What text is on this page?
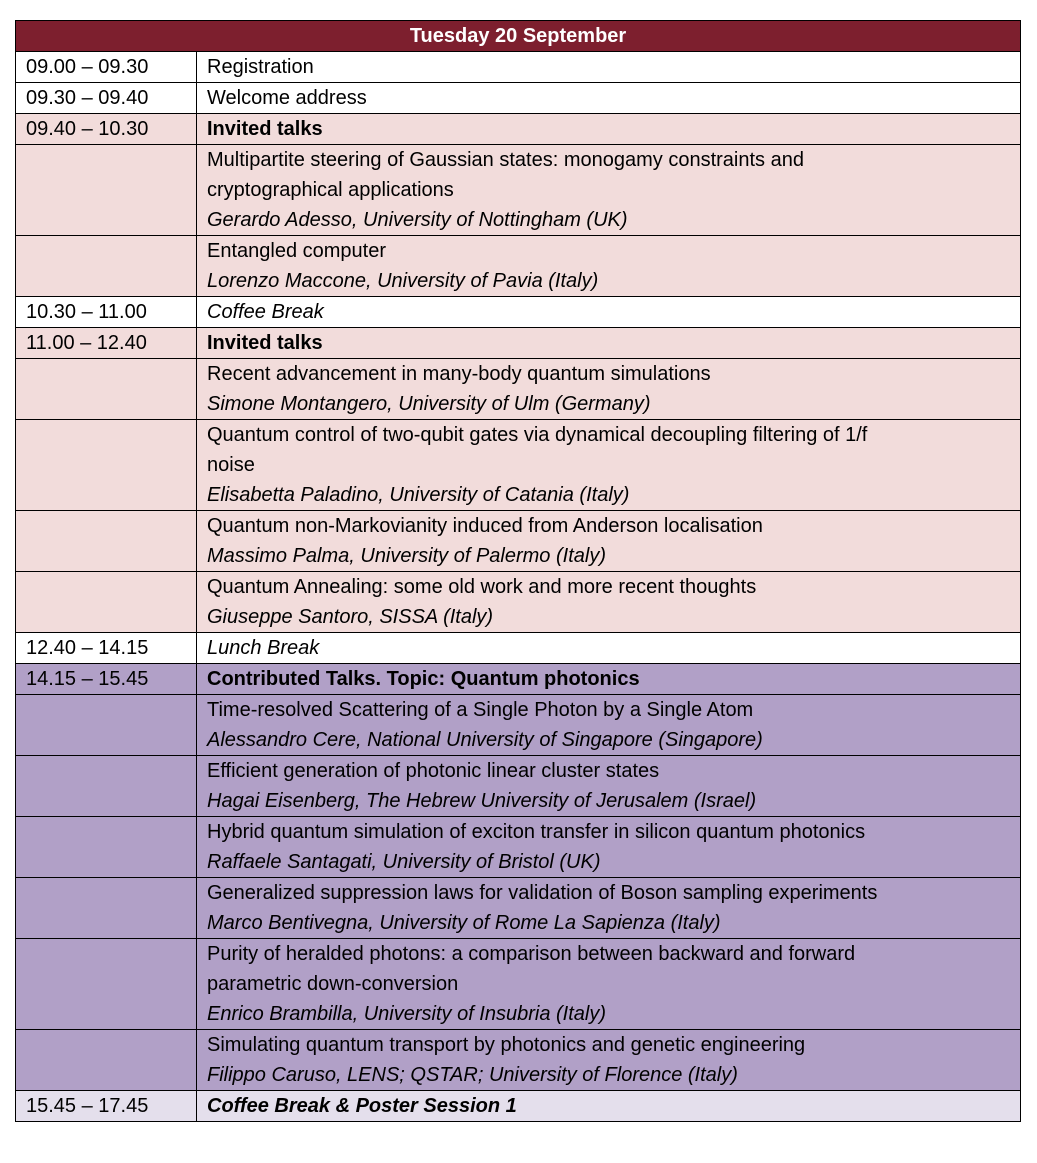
Tuesday 20 September	
09.00 – 09.30	Registration
09.30 – 09.40	Welcome address
09.40 – 10.30	Invited talks

	Multipartite steering of Gaussian states: monogamy constraints and
cryptographical applications
Gerardo Adesso, University of Nottingham (UK)

	Entangled computer
Lorenzo Maccone, University of Pavia (Italy)

10.30 – 11.00	Coffee Break
11.00 – 12.40	Invited talks

	Recent advancement in many-body quantum simulations
Simone Montangero, University of Ulm (Germany)

	Quantum control of two-qubit gates via dynamical decoupling filtering of 1/f
noise
Elisabetta Paladino, University of Catania (Italy)

	Quantum non-Markovianity induced from Anderson localisation
Massimo Palma, University of Palermo (Italy)

	Quantum Annealing: some old work and more recent thoughts
Giuseppe Santoro, SISSA (Italy)

12.40 – 14.15	Lunch Break
14.15 – 15.45	Contributed Talks. Topic: Quantum photonics

	Time-resolved Scattering of a Single Photon by a Single Atom
Alessandro Cere, National University of Singapore (Singapore)

	Efficient generation of photonic linear cluster states
Hagai Eisenberg, The Hebrew University of Jerusalem (Israel)

	Hybrid quantum simulation of exciton transfer in silicon quantum photonics
Raffaele Santagati, University of Bristol (UK)

	Generalized suppression laws for validation of Boson sampling experiments
Marco Bentivegna, University of Rome La Sapienza (Italy)

	Purity of heralded photons: a comparison between backward and forward
parametric down-conversion
Enrico Brambilla, University of Insubria (Italy)

	Simulating quantum transport by photonics and genetic engineering
Filippo Caruso, LENS; QSTAR; University of Florence (Italy)

15.45 – 17.45	Coffee Break & Poster Session 1
